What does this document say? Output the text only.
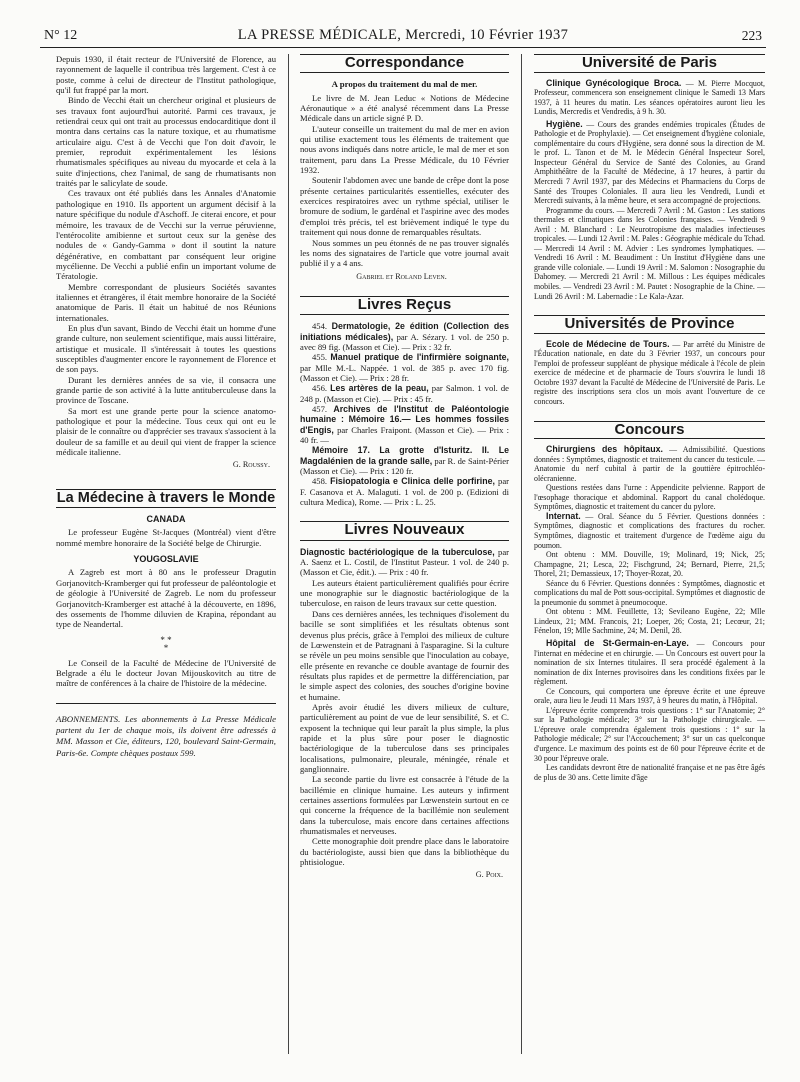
N° 12	LA PRESSE MÉDICALE, Mercredi, 10 Février 1937	223

Depuis 1930, il était recteur de l'Université de Florence, au rayonnement de laquelle il contribua très largement. C'est à ce poste, comme à celui de directeur de l'Institut pathologique, qu'il fut frappé par la mort.

Bindo de Vecchi était un chercheur original et plusieurs de ses travaux font aujourd'hui autorité. Parmi ces travaux, je retiendrai ceux qui ont trait au processus endocarditique dont il montra dans certains cas la nature toxique, et au rhumatisme articulaire aigu. C'est à de Vecchi que l'on doit d'avoir, le premier, reproduit expérimentalement les lésions rhumatismales spécifiques au niveau du myocarde et cela à la suite d'injections, chez l'animal, de sang de rhumatisants non traités par le salicylate de soude.

Ces travaux ont été publiés dans les Annales d'Anatomie pathologique en 1910. Ils apportent un argument décisif à la nature spécifique du nodule d'Aschoff. Je citerai encore, et pour mémoire, les travaux de de Vecchi sur la verrue péruvienne, l'entérocolite amibienne et surtout ceux sur la genèse des nodules de « Gandy-Gamma » dont il soutint la nature dégénérative, en combattant par conséquent leur origine mycélienne. De Vecchi a publié enfin un important volume de Tératologie.

Membre correspondant de plusieurs Sociétés savantes italiennes et étrangères, il était membre honoraire de la Société anatomique de Paris. Il était un habitué de nos Réunions internationales.

En plus d'un savant, Bindo de Vecchi était un homme d'une grande culture, non seulement scientifique, mais aussi littéraire, artistique et musicale. Il s'intéressait à toutes les questions susceptibles d'augmenter encore le rayonnement de Florence et de son pays.

Durant les dernières années de sa vie, il consacra une grande partie de son activité à la lutte antituberculeuse dans la province de Toscane.

Sa mort est une grande perte pour la science anatomo-pathologique et pour la médecine. Tous ceux qui ont eu le plaisir de le connaître ou d'apprécier ses travaux s'associent à la douleur de sa famille et au deuil qui vient de frapper la science médicale italienne.

G. Roussy.

La Médecine à travers le Monde
CANADA

Le professeur Eugène St-Jacques (Montréal) vient d'être nommé membre honoraire de la Société belge de Chirurgie.

YOUGOSLAVIE

A Zagreb est mort à 80 ans le professeur Dragutin Gorjanovitch-Kramberger qui fut professeur de paléontologie et de géologie à l'Université de Zagreb. Le nom du professeur Gorjanovitch-Kramberger est attaché à la découverte, en 1896, des ossements de l'homme diluvien de Krapina, répondant au type de Neandertal.

* *
*

Le Conseil de la Faculté de Médecine de l'Université de Belgrade a élu le docteur Jovan Mijouskovitch au titre de maître de conférences à la chaire de l'histoire de la médecine.

ABONNEMENTS. Les abonnements à La Presse Médicale partent du 1er de chaque mois, ils doivent être adressés à MM. Masson et Cie, éditeurs, 120, boulevard Saint-Germain, Paris-6e. Compte chèques postaux 599.

Correspondance
A propos du traitement du mal de mer.

Le livre de M. Jean Leduc « Notions de Médecine Aéronautique » a été analysé récemment dans La Presse Médicale dans un article signé P. D.

L'auteur conseille un traitement du mal de mer en avion qui utilise exactement tous les éléments de traitement que nous avons indiqués dans notre article, le mal de mer et son traitement, paru dans La Presse Médicale, du 10 Février 1932.

Soutenir l'abdomen avec une bande de crêpe dont la pose présente certaines particularités essentielles, exécuter des exercices respiratoires avec un rythme spécial, utiliser le bromure de sodium, le gardénal et l'aspirine avec des modes d'emploi très précis, tel est brièvement indiqué le type du traitement qui nous donne de remarquables résultats.

Nous sommes un peu étonnés de ne pas trouver signalés les noms des signataires de l'article que votre journal avait publié il y a 4 ans.

Gabriel et Roland Leven.

Livres Reçus

454. Dermatologie, 2e édition (Collection des initiations médicales), par A. Sézary. 1 vol. de 250 p. avec 89 fig. (Masson et Cie). — Prix : 32 fr.

455. Manuel pratique de l'infirmière soignante, par Mlle M.-L. Nappée. 1 vol. de 385 p. avec 170 fig. (Masson et Cie). — Prix : 28 fr.

456. Les artères de la peau, par Salmon. 1 vol. de 248 p. (Masson et Cie). — Prix : 45 fr.

457. Archives de l'Institut de Paléontologie humaine : Mémoire 16.— Les hommes fossiles d'Engis, par Charles Fraipont. (Masson et Cie). — Prix : 40 fr. —

Mémoire 17. La grotte d'Isturitz. II. Le Magdalénien de la grande salle, par R. de Saint-Périer (Masson et Cie). — Prix : 120 fr.

458. Fisiopatologia e Clinica delle porfirine, par F. Casanova et A. Malaguti. 1 vol. de 200 p. (Edizioni di cultura Medica), Rome. — Prix : L. 25.

Livres Nouveaux

Diagnostic bactériologique de la tuberculose, par A. Saenz et L. Costil, de l'Institut Pasteur. 1 vol. de 240 p. (Masson et Cie, édit.). — Prix : 40 fr.

Les auteurs étaient particulièrement qualifiés pour écrire une monographie sur le diagnostic bactériologique de la tuberculose, en raison de leurs travaux sur cette question.

Dans ces dernières années, les techniques d'isolement du bacille se sont simplifiées et les résultats obtenus sont devenus plus précis, grâce à l'emploi des milieux de culture de Lœwenstein et de Patragnani à l'asparagine. Si la culture se révèle un peu moins sensible que l'inoculation au cobaye, elle présente en revanche ce double avantage de fournir des résultats plus rapides et de permettre la différenciation, par le simple aspect des colonies, des souches d'origine bovine et humaine.

Après avoir étudié les divers milieux de culture, particulièrement au point de vue de leur sensibilité, S. et C. exposent la technique qui leur paraît la plus simple, la plus rapide et la plus sûre pour poser le diagnostic bactériologique de la tuberculose dans ses principales localisations, pulmonaire, pleurale, méningée, rénale et ganglionnaire.

La seconde partie du livre est consacrée à l'étude de la bacillémie en clinique humaine. Les auteurs y infirment certaines assertions formulées par Lœwenstein surtout en ce qui concerne la fréquence de la bacillémie non seulement dans la tuberculose, mais encore dans certaines affections rhumatismales et nerveuses.

Cette monographie doit prendre place dans le laboratoire du bactériologiste, aussi bien que dans la bibliothèque du phtisiologue.

G. Poix.

Université de Paris

Clinique Gynécologique Broca. — M. Pierre Mocquot, Professeur, commencera son enseignement clinique le Samedi 13 Mars 1937, à 11 heures du matin. Les séances opératoires auront lieu les Lundis, Mercredis et Vendredis, à 9 h. 30.

Hygiène. — Cours des grandes endémies tropicales (Études de Pathologie et de Prophylaxie). — Cet enseignement d'hygiène coloniale, complémentaire du cours d'Hygiène, sera donné sous la direction de M. le prof. L. Tanon et de M. le Médecin Général Inspecteur Sorel, Inspecteur Général du Service de Santé des Colonies, au Grand Amphithéâtre de la Faculté de Médecine, à 17 heures, à partir du Mercredi 7 Avril 1937, par des Médecins et Pharmaciens du Corps de Santé des Troupes Coloniales. Il aura lieu les Vendredi, Lundi et Mercredi suivants, à la même heure, et sera accompagné de projections.

Programme du cours. — Mercredi 7 Avril : M. Gaston : Les stations thermales et climatiques dans les Colonies françaises. — Vendredi 9 Avril : M. Blanchard : Le Neurotropisme des maladies infectieuses tropicales. — Lundi 12 Avril : M. Pales : Géographie médicale du Tchad. — Mercredi 14 Avril : M. Advier : Les syndromes lymphatiques. — Vendredi 16 Avril : M. Beaudiment : Un Institut d'Hygiène dans une grande ville coloniale. — Lundi 19 Avril : M. Salomon : Nosographie du Dahomey. — Mercredi 21 Avril : M. Millous : Les équipes médicales mobiles. — Vendredi 23 Avril : M. Pautet : Nosographie de la Chine. — Lundi 26 Avril : M. Labernadie : Le Kala-Azar.

Universités de Province

Ecole de Médecine de Tours. — Par arrêté du Ministre de l'Éducation nationale, en date du 3 Février 1937, un concours pour l'emploi de professeur suppléant de physique médicale à l'école de plein exercice de médecine et de pharmacie de Tours s'ouvrira le lundi 18 Octobre 1937 devant la Faculté de Médecine de l'Université de Paris. Le registre des inscriptions sera clos un mois avant l'ouverture de ce concours.

Concours

Chirurgiens des hôpitaux. — Admissibilité. Questions données : Symptômes, diagnostic et traitement du cancer du testicule. — Anatomie du nerf cubital à partir de la gouttière épitrochléo-olécranienne.

Questions restées dans l'urne : Appendicite pelvienne. Rapport de l'œsophage thoracique et abdominal. Rapport du canal cholédoque. Symptômes, diagnostic et traitement du cancer du pylore.

Internat. — Oral. Séance du 5 Février. Questions données : Symptômes, diagnostic et complications des fractures du rocher. Symptômes, diagnostic et traitement d'urgence de l'œdème aigu du poumon.

Ont obtenu : MM. Douville, 19; Molinard, 19; Nick, 25; Champagne, 21; Lesca, 22; Fischgrund, 24; Bernard, Pierre, 21,5; Thorel, 21; Demassieux, 17; Thoyer-Rozat, 20.

Séance du 6 Février. Questions données : Symptômes, diagnostic et complications du mal de Pott sous-occipital. Symptômes et diagnostic de la pneumonie du sommet à pneumocoque.

Ont obtenu : MM. Feuillette, 13; Sevileano Eugène, 22; Mlle Lindeux, 21; MM. Francois, 21; Loeper, 26; Costa, 21; Lecœur, 21; Fénelon, 19; Mlle Sachmine, 24; M. Denil, 28.

Hôpital de St-Germain-en-Laye. — Concours pour l'internat en médecine et en chirurgie. — Un Concours est ouvert pour la nomination de six Internes titulaires. Il sera procédé également à la nomination de dix Internes provisoires dans les conditions fixées par le règlement.

Ce Concours, qui comportera une épreuve écrite et une épreuve orale, aura lieu le Jeudi 11 Mars 1937, à 9 heures du matin, à l'Hôpital.

L'épreuve écrite comprendra trois questions : 1° sur l'Anatomie; 2° sur la Pathologie médicale; 3° sur la Pathologie chirurgicale. — L'épreuve orale comprendra également trois questions : 1° sur la Pathologie médicale; 2° sur l'Accouchement; 3° sur un cas quelconque d'urgence. Le maximum des points est de 60 pour l'épreuve écrite et de 30 pour l'épreuve orale.

Les candidats devront être de nationalité française et ne pas être âgés de plus de 30 ans. Cette limite d'âge
